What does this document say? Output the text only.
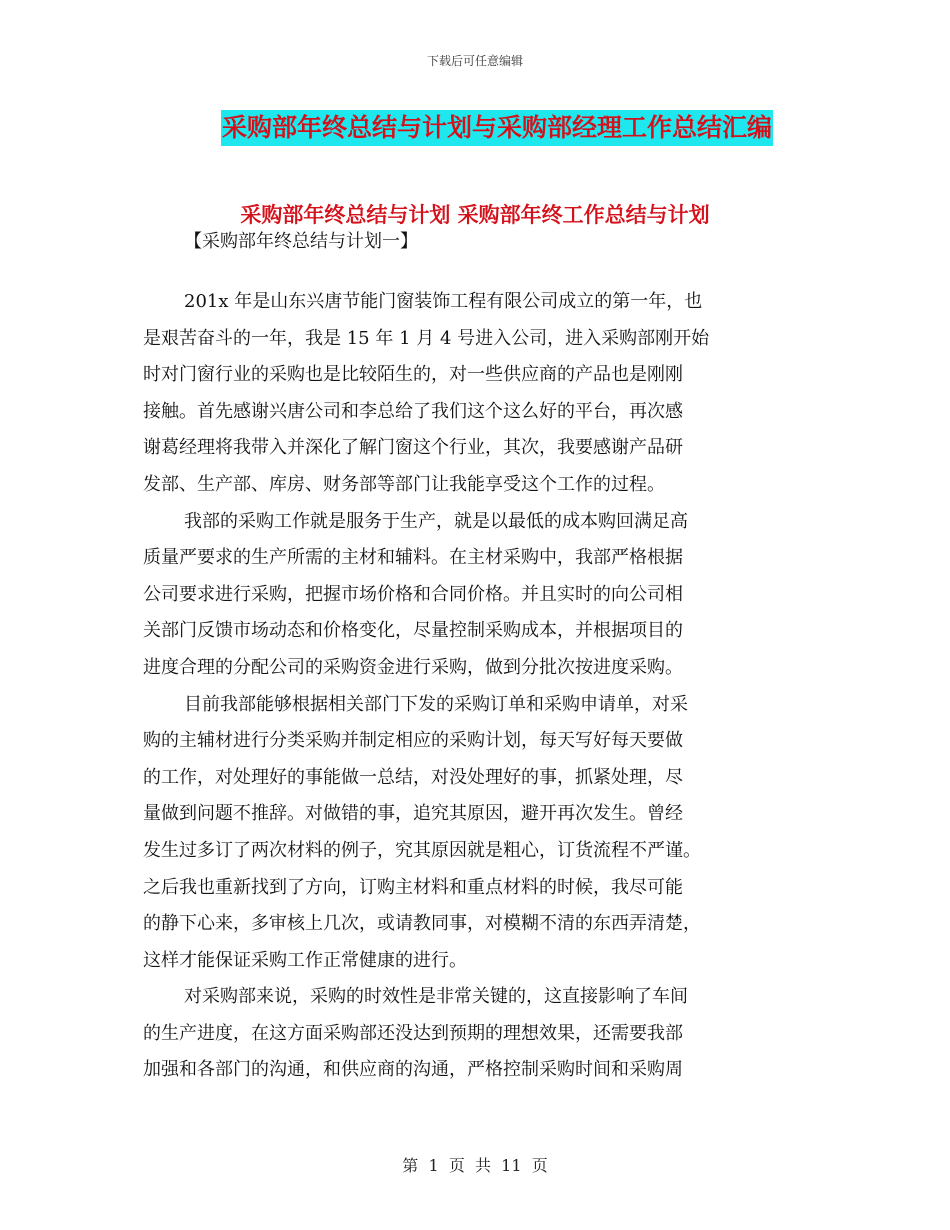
下载后可任意编辑
采购部年终总结与计划与采购部经理工作总结汇编
采购部年终总结与计划 采购部年终工作总结与计划
【采购部年终总结与计划一】
201x 年是山东兴唐节能门窗装饰工程有限公司成立的第一年，也
是艰苦奋斗的一年，我是 15 年 1 月 4 号进入公司，进入采购部刚开始
时对门窗行业的采购也是比较陌生的，对一些供应商的产品也是刚刚
接触。首先感谢兴唐公司和李总给了我们这个这么好的平台，再次感
谢葛经理将我带入并深化了解门窗这个行业，其次，我要感谢产品研
发部、生产部、库房、财务部等部门让我能享受这个工作的过程。
我部的采购工作就是服务于生产，就是以最低的成本购回满足高
质量严要求的生产所需的主材和辅料。在主材采购中，我部严格根据
公司要求进行采购，把握市场价格和合同价格。并且实时的向公司相
关部门反馈市场动态和价格变化，尽量控制采购成本，并根据项目的
进度合理的分配公司的采购资金进行采购，做到分批次按进度采购。
目前我部能够根据相关部门下发的采购订单和采购申请单，对采
购的主辅材进行分类采购并制定相应的采购计划，每天写好每天要做
的工作，对处理好的事能做一总结，对没处理好的事，抓紧处理，尽
量做到问题不推辞。对做错的事，追究其原因，避开再次发生。曾经
发生过多订了两次材料的例子，究其原因就是粗心，订货流程不严谨。
之后我也重新找到了方向，订购主材料和重点材料的时候，我尽可能
的静下心来，多审核上几次，或请教同事，对模糊不清的东西弄清楚，
这样才能保证采购工作正常健康的进行。
对采购部来说，采购的时效性是非常关键的，这直接影响了车间
的生产进度，在这方面采购部还没达到预期的理想效果，还需要我部
加强和各部门的沟通，和供应商的沟通，严格控制采购时间和采购周
第  1  页  共  11  页
